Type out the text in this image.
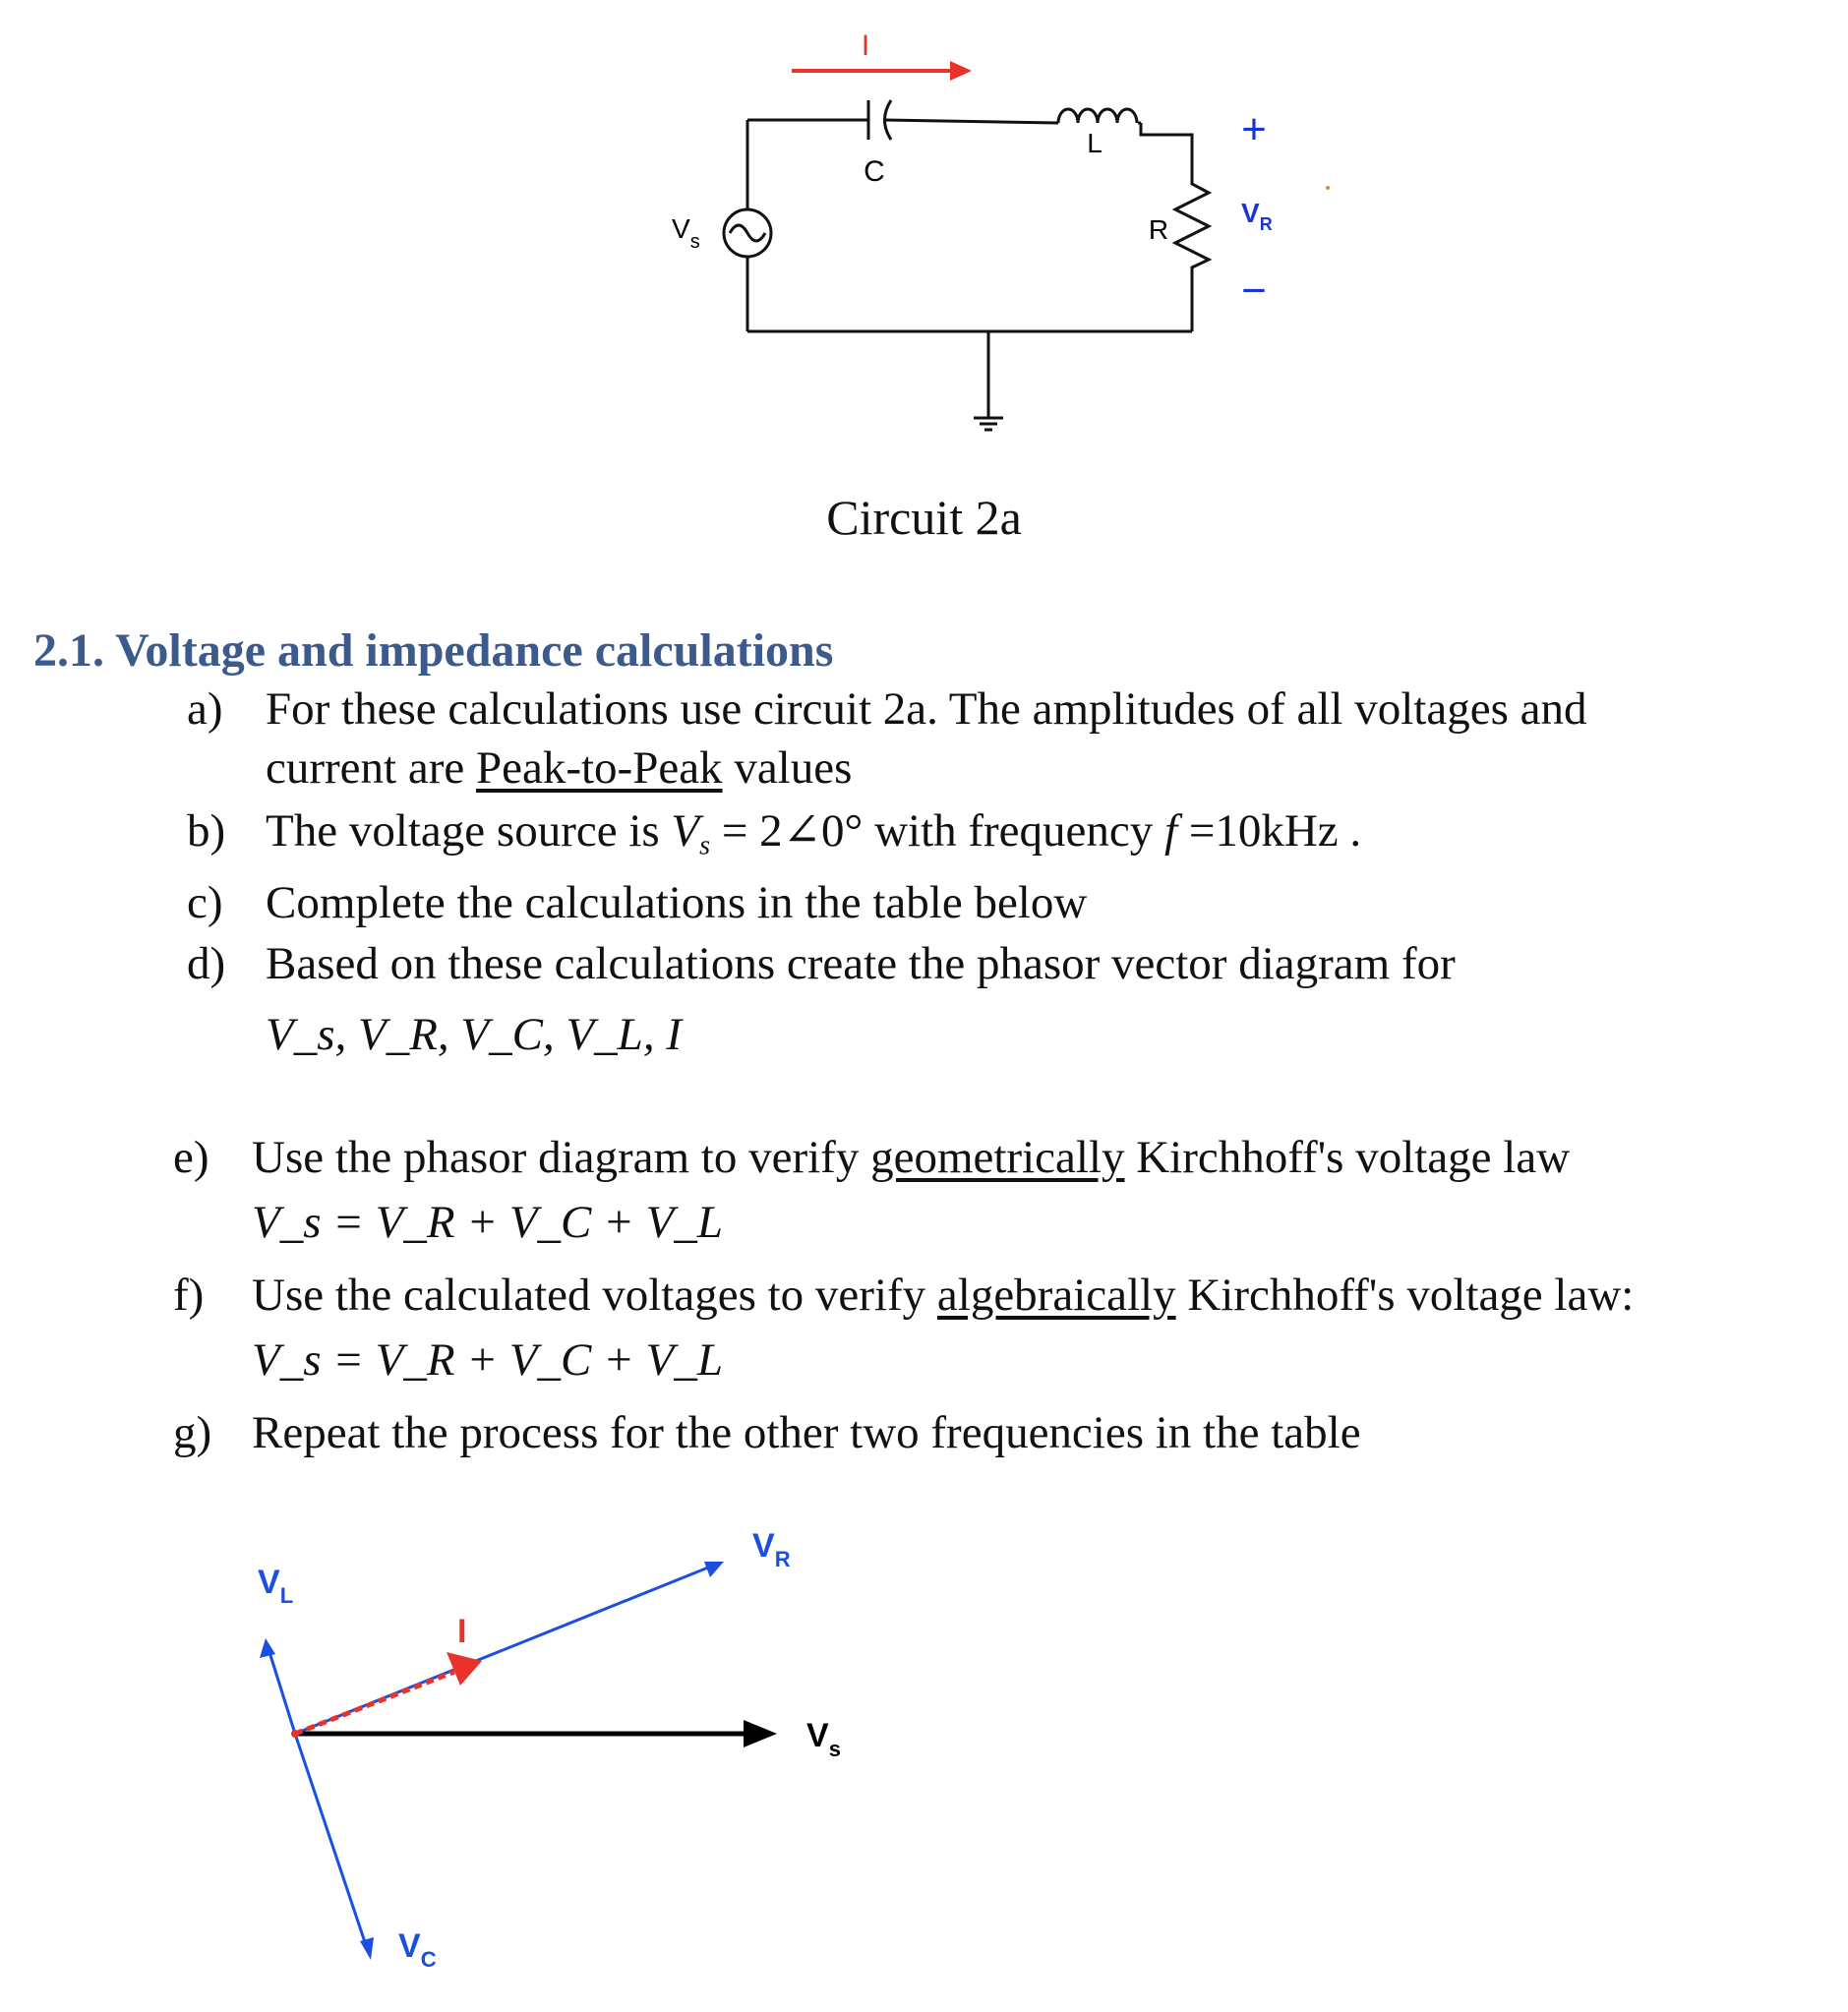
I
C
L
R
$V_s$
+
$V_R$
−
Circuit 2a
2.1. Voltage and impedance calculations
a) For these calculations use circuit 2a. The amplitudes of all voltages and
current are Peak-to-Peak values
b) The voltage source is $V_s$ = 2∠0° with frequency f =10kHz .
c) Complete the calculations in the table below
d) Based on these calculations create the phasor vector diagram for
V_s, V_R, V_C, V_L, I
e) Use the phasor diagram to verify geometrically Kirchhoff's voltage law
V_s = V_R + V_C + V_L
f) Use the calculated voltages to verify algebraically Kirchhoff's voltage law:
V_s = V_R + V_C + V_L
g) Repeat the process for the other two frequencies in the table
$V_R$
$V_L$
$V_C$
$V_s$
I
